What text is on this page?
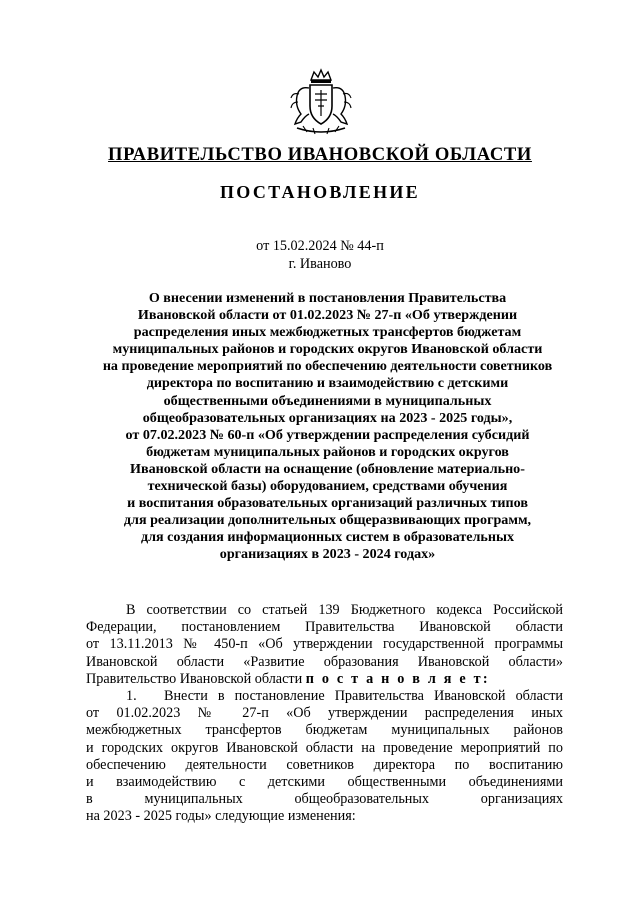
ПРАВИТЕЛЬСТВО ИВАНОВСКОЙ ОБЛАСТИ
ПОСТАНОВЛЕНИЕ
от 15.02.2024 № 44-п
г. Иваново
О внесении изменений в постановления Правительства
Ивановской области от 01.02.2023 № 27-п «Об утверждении
распределения иных межбюджетных трансфертов бюджетам
муниципальных районов и городских округов Ивановской области
на проведение мероприятий по обеспечению деятельности советников
директора по воспитанию и взаимодействию с детскими
общественными объединениями в муниципальных
общеобразовательных организациях на 2023 - 2025 годы»,
от 07.02.2023 № 60-п «Об утверждении распределения субсидий
бюджетам муниципальных районов и городских округов
Ивановской области на оснащение (обновление материально-
технической базы) оборудованием, средствами обучения
и воспитания образовательных организаций различных типов
для реализации дополнительных общеразвивающих программ,
для создания информационных систем в образовательных
организациях в 2023 - 2024 годах»
В соответствии со статьей 139 Бюджетного кодекса Российской
Федерации, постановлением Правительства Ивановской области
от 13.11.2013 № 450-п «Об утверждении государственной программы
Ивановской области «Развитие образования Ивановской области»
Правительство Ивановской области п о с т а н о в л я е т:
1. Внести в постановление Правительства Ивановской области
от 01.02.2023 № 27-п «Об утверждении распределения иных
межбюджетных трансфертов бюджетам муниципальных районов
и городских округов Ивановской области на проведение мероприятий по
обеспечению деятельности советников директора по воспитанию
и взаимодействию с детскими общественными объединениями
в муниципальных общеобразовательных организациях
на 2023 - 2025 годы» следующие изменения:
